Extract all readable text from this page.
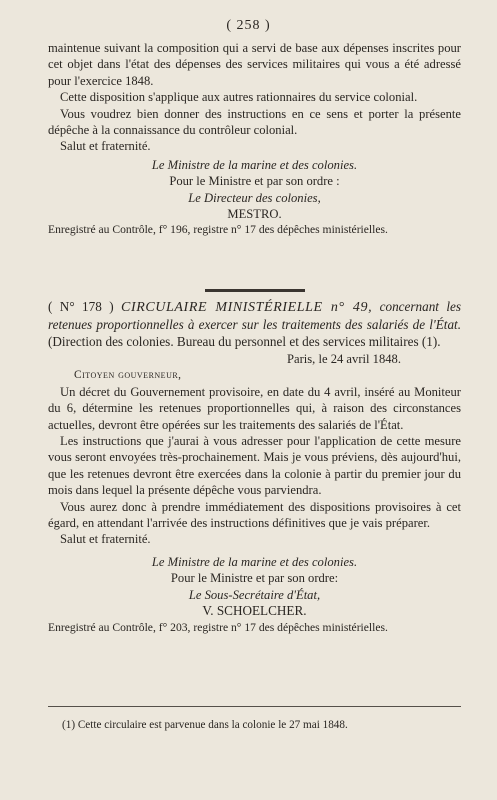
( 258 )

maintenue suivant la composition qui a servi de base aux dépenses inscrites pour cet objet dans l'état des dépenses des services militaires qui vous a été adressé pour l'exercice 1848.

Cette disposition s'applique aux autres rationnaires du service colonial.

Vous voudrez bien donner des instructions en ce sens et porter la présente dépêche à la connaissance du contrôleur colonial.

Salut et fraternité.

Le Ministre de la marine et des colonies.

Pour le Ministre et par son ordre :

Le Directeur des colonies,

MESTRO.

Enregistré au Contrôle, f° 196, registre n° 17 des dépêches ministérielles.

( N° 178 ) CIRCULAIRE MINISTÉRIELLE n° 49, concernant les retenues proportionnelles à exercer sur les traitements des salariés de l'État. (Direction des colonies. Bureau du personnel et des services militaires (1).

Paris, le 24 avril 1848.

Citoyen gouverneur,

Un décret du Gouvernement provisoire, en date du 4 avril, inséré au Moniteur du 6, détermine les retenues proportionnelles qui, à raison des circonstances actuelles, devront être opérées sur les traitements des salariés de l'État.

Les instructions que j'aurai à vous adresser pour l'application de cette mesure vous seront envoyées très-prochainement. Mais je vous préviens, dès aujourd'hui, que les retenues devront être exercées dans la colonie à partir du premier jour du mois dans lequel la présente dépêche vous parviendra.

Vous aurez donc à prendre immédiatement des dispositions provisoires à cet égard, en attendant l'arrivée des instructions définitives que je vais préparer.

Salut et fraternité.

Le Ministre de la marine et des colonies.

Pour le Ministre et par son ordre:

Le Sous-Secrétaire d'État,

V. SCHOELCHER.

Enregistré au Contrôle, f° 203, registre n° 17 des dépêches ministérielles.

(1) Cette circulaire est parvenue dans la colonie le 27 mai 1848.
